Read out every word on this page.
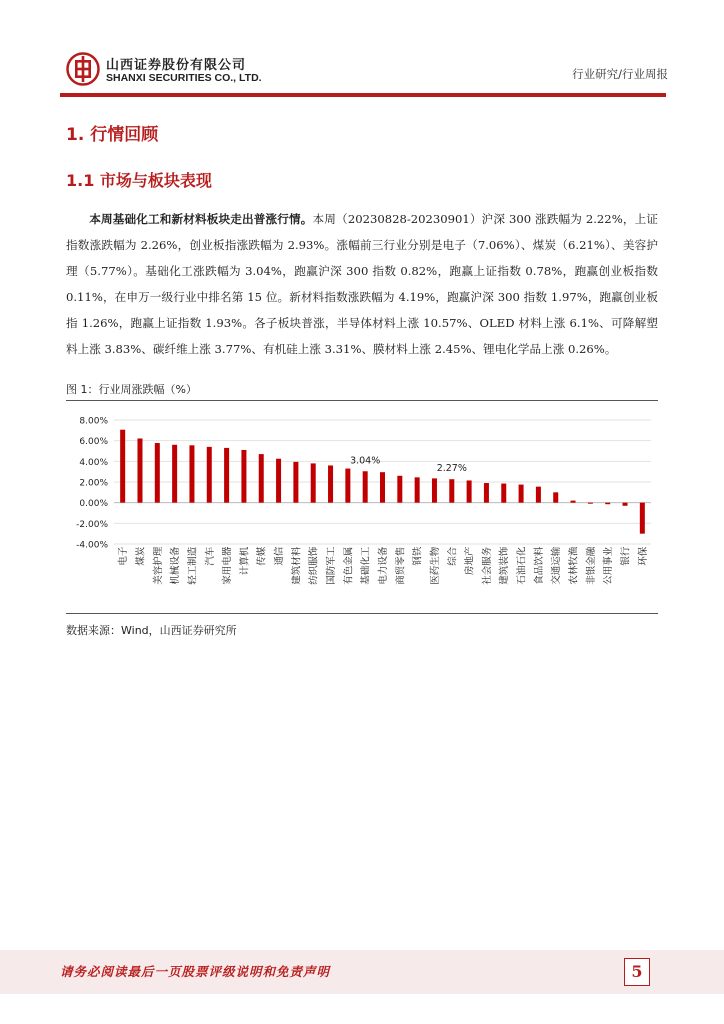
山西证券股份有限公司
SHANXI SECURITIES CO., LTD.	行业研究/行业周报
1. 行情回顾
1.1 市场与板块表现

本周基础化工和新材料板块走出普涨行情。本周（20230828-20230901）沪深 300 涨跌幅为 2.22%，上证指数涨跌幅为 2.26%，创业板指涨跌幅为 2.93%。涨幅前三行业分别是电子（7.06%）、煤炭（6.21%）、美容护理（5.77%）。基础化工涨跌幅为 3.04%，跑赢沪深 300 指数 0.82%，跑赢上证指数 0.78%，跑赢创业板指数 0.11%，在申万一级行业中排名第 15 位。新材料指数涨跌幅为 4.19%，跑赢沪深 300 指数 1.97%，跑赢创业板指 1.26%，跑赢上证指数 1.93%。各子板块普涨，半导体材料上涨 10.57%、OLED 材料上涨 6.1%、可降解塑料上涨 3.83%、碳纤维上涨 3.77%、有机硅上涨 3.31%、膜材料上涨 2.45%、锂电化学品上涨 0.26%。

图 1：行业周涨跌幅（%）
-4.00%
-2.00%
0.00%
2.00%
4.00%
6.00%
8.00%
电子 煤炭 美容护理 机械设备 轻工制造 汽车 家用电器 计算机 传媒 通信 建筑材料 纺织服饰 国防军工 有色金属 基础化工 电力设备 商贸零售 钢铁 医药生物 综合 房地产 社会服务 建筑装饰 石油石化 食品饮料 交通运输 农林牧渔 非银金融 公用事业 银行 环保
3.04%
2.27%
数据来源：Wind，山西证券研究所
请务必阅读最后一页股票评级说明和免责声明	5
